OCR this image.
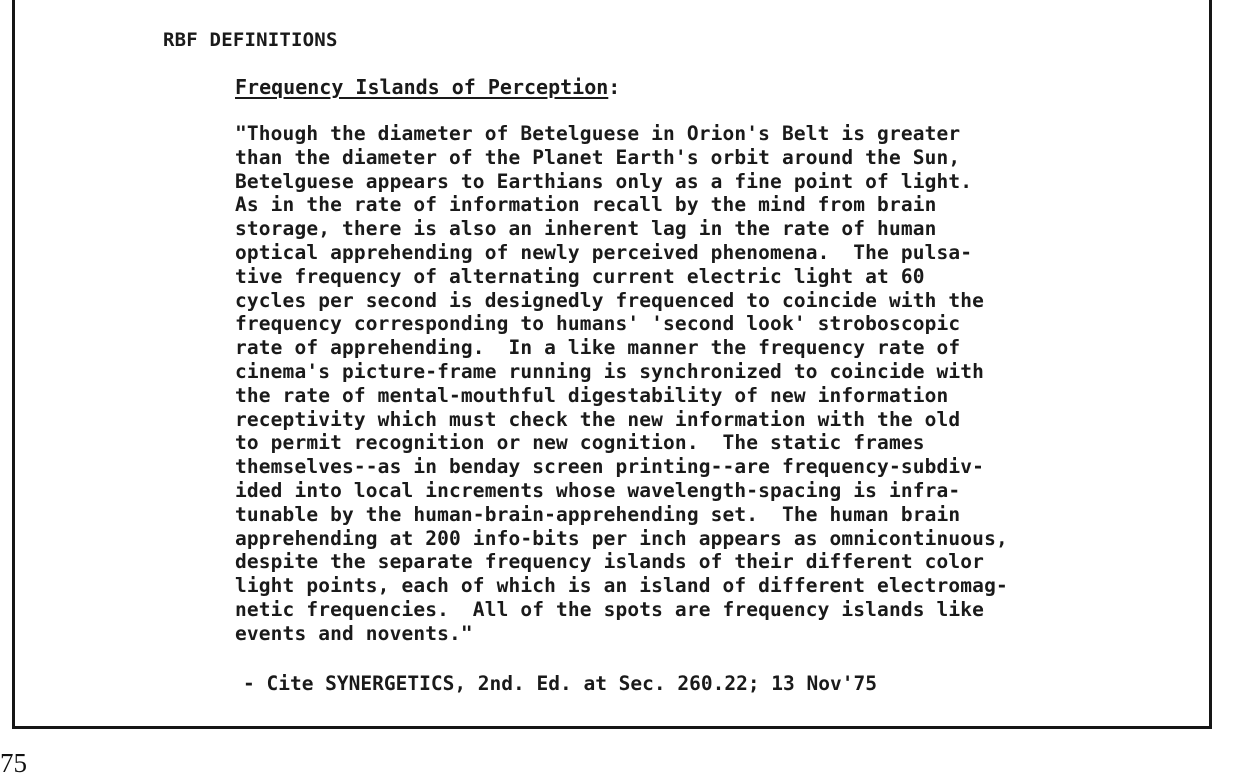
RBF DEFINITIONS
Frequency Islands of Perception:
"Though the diameter of Betelguese in Orion's Belt is greater
than the diameter of the Planet Earth's orbit around the Sun,
Betelguese appears to Earthians only as a fine point of light.
As in the rate of information recall by the mind from brain
storage, there is also an inherent lag in the rate of human
optical apprehending of newly perceived phenomena.  The pulsa-
tive frequency of alternating current electric light at 60
cycles per second is designedly frequenced to coincide with the
frequency corresponding to humans' 'second look' stroboscopic
rate of apprehending.  In a like manner the frequency rate of
cinema's picture-frame running is synchronized to coincide with
the rate of mental-mouthful digestability of new information
receptivity which must check the new information with the old
to permit recognition or new cognition.  The static frames
themselves--as in benday screen printing--are frequency-subdiv-
ided into local increments whose wavelength-spacing is infra-
tunable by the human-brain-apprehending set.  The human brain
apprehending at 200 info-bits per inch appears as omnicontinuous,
despite the separate frequency islands of their different color
light points, each of which is an island of different electromag-
netic frequencies.  All of the spots are frequency islands like
events and novents."
- Cite SYNERGETICS, 2nd. Ed. at Sec. 260.22; 13 Nov'75
75
